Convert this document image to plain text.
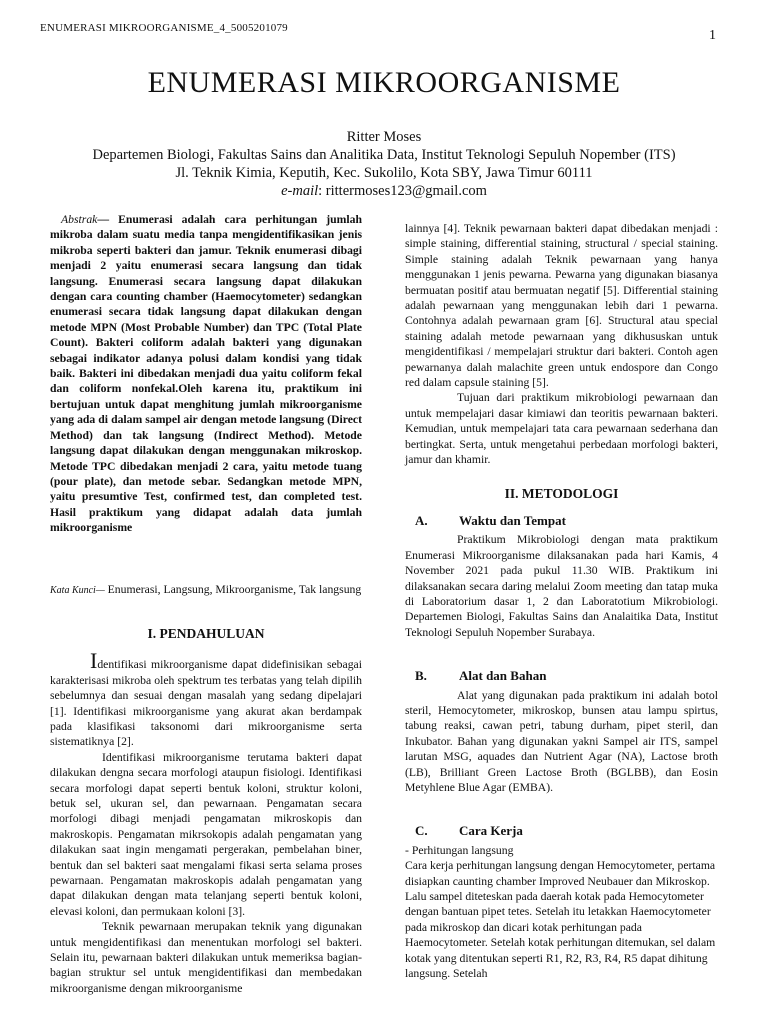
ENUMERASI MIKROORGANISME_4_5005201079	1
ENUMERASI MIKROORGANISME
Ritter Moses
Departemen Biologi, Fakultas Sains dan Analitika Data, Institut Teknologi Sepuluh Nopember (ITS)
Jl. Teknik Kimia, Keputih, Kec. Sukolilo, Kota SBY, Jawa Timur 60111
e-mail: rittermoses123@gmail.com

Abstrak— Enumerasi adalah cara perhitungan jumlah mikroba dalam suatu media tanpa mengidentifikasikan jenis mikroba seperti bakteri dan jamur. Teknik enumerasi dibagi menjadi 2 yaitu enumerasi secara langsung dan tidak langsung. Enumerasi secara langsung dapat dilakukan dengan cara counting chamber (Haemocytometer) sedangkan enumerasi secara tidak langsung dapat dilakukan dengan metode MPN (Most Probable Number) dan TPC (Total Plate Count). Bakteri coliform adalah bakteri yang digunakan sebagai indikator adanya polusi dalam kondisi yang tidak baik. Bakteri ini dibedakan menjadi dua yaitu coliform fekal dan coliform nonfekal.Oleh karena itu, praktikum ini bertujuan untuk dapat menghitung jumlah mikroorganisme yang ada di dalam sampel air dengan metode langsung (Direct Method) dan tak langsung (Indirect Method). Metode langsung dapat dilakukan dengan menggunakan mikroskop. Metode TPC dibedakan menjadi 2 cara, yaitu metode tuang (pour plate), dan metode sebar. Sedangkan metode MPN, yaitu presumtive Test, confirmed test, dan completed test. Hasil praktikum yang didapat adalah data jumlah mikroorganisme

Kata Kunci— Enumerasi, Langsung, Mikroorganisme, Tak langsung

I. PENDAHULUAN

Identifikasi mikroorganisme dapat didefinisikan sebagai karakterisasi mikroba oleh spektrum tes terbatas yang telah dipilih sebelumnya dan sesuai dengan masalah yang sedang dipelajari [1]. Identifikasi mikroorganisme yang akurat akan berdampak pada klasifikasi taksonomi dari mikroorganisme serta sistematiknya [2].

Identifikasi mikroorganisme terutama bakteri dapat dilakukan dengna secara morfologi ataupun fisiologi. Identifikasi secara morfologi dapat seperti bentuk koloni, struktur koloni, betuk sel, ukuran sel, dan pewarnaan. Pengamatan secara morfologi dibagi menjadi pengamatan mikroskopis dan makroskopis. Pengamatan mikrsokopis adalah pengamatan yang dilakukan saat ingin mengamati pergerakan, pembelahan biner, bentuk dan sel bakteri saat mengalami fikasi serta selama proses pewarnaan. Pengamatan makroskopis adalah pengamatan yang dapat dilakukan dengan mata telanjang seperti bentuk koloni, elevasi koloni, dan permukaan koloni [3].

Teknik pewarnaan merupakan teknik yang digunakan untuk mengidentifikasi dan menentukan morfologi sel bakteri. Selain itu, pewarnaan bakteri dilakukan untuk memeriksa bagian-bagian struktur sel untuk mengidentifikasi dan membedakan mikroorganisme dengan mikroorganisme

lainnya [4]. Teknik pewarnaan bakteri dapat dibedakan menjadi : simple staining, differential staining, structural / special staining. Simple staining adalah Teknik pewarnaan yang hanya menggunakan 1 jenis pewarna. Pewarna yang digunakan biasanya bermuatan positif atau bermuatan negatif [5]. Differential staining adalah pewarnaan yang menggunakan lebih dari 1 pewarna. Contohnya adalah pewarnaan gram [6]. Structural atau special staining adalah metode pewarnaan yang dikhususkan untuk mengidentifikasi / mempelajari struktur dari bakteri. Contoh agen pewarnanya dalah malachite green untuk endospore dan Congo red dalam capsule staining [5].

Tujuan dari praktikum mikrobiologi pewarnaan dan untuk mempelajari dasar kimiawi dan teoritis pewarnaan bakteri. Kemudian, untuk mempelajari tata cara pewarnaan sederhana dan bertingkat. Serta, untuk mengetahui perbedaan morfologi bakteri, jamur dan khamir.

II. METODOLOGI
A.	Waktu dan Tempat

Praktikum Mikrobiologi dengan mata praktikum Enumerasi Mikroorganisme dilaksanakan pada hari Kamis, 4 November 2021 pada pukul 11.30 WIB. Praktikum ini dilaksanakan secara daring melalui Zoom meeting dan tatap muka di Laboratorium dasar 1, 2 dan Laboratotium Mikrobiologi. Departemen Biologi, Fakultas Sains dan Analaitika Data, Institut Teknologi Sepuluh Nopember Surabaya.

B.	Alat dan Bahan

Alat yang digunakan pada praktikum ini adalah botol steril, Hemocytometer, mikroskop, bunsen atau lampu spirtus, tabung reaksi, cawan petri, tabung durham, pipet steril, dan Inkubator. Bahan yang digunakan yakni Sampel air ITS, sampel larutan MSG, aquades dan Nutrient Agar (NA), Lactose broth (LB), Brilliant Green Lactose Broth (BGLBB), dan Eosin Metyhlene Blue Agar (EMBA).

C.	Cara Kerja

- Perhitungan langsung

Cara kerja perhitungan langsung dengan Hemocytometer, pertama disiapkan caunting chamber Improved Neubauer dan Mikroskop. Lalu sampel diteteskan pada daerah kotak pada Hemocytometer dengan bantuan pipet tetes. Setelah itu letakkan Haemocytometer pada mikroskop dan dicari kotak perhitungan pada Haemocytometer. Setelah kotak perhitungan ditemukan, sel dalam kotak yang ditentukan seperti R1, R2, R3, R4, R5 dapat dihitung langsung. Setelah
